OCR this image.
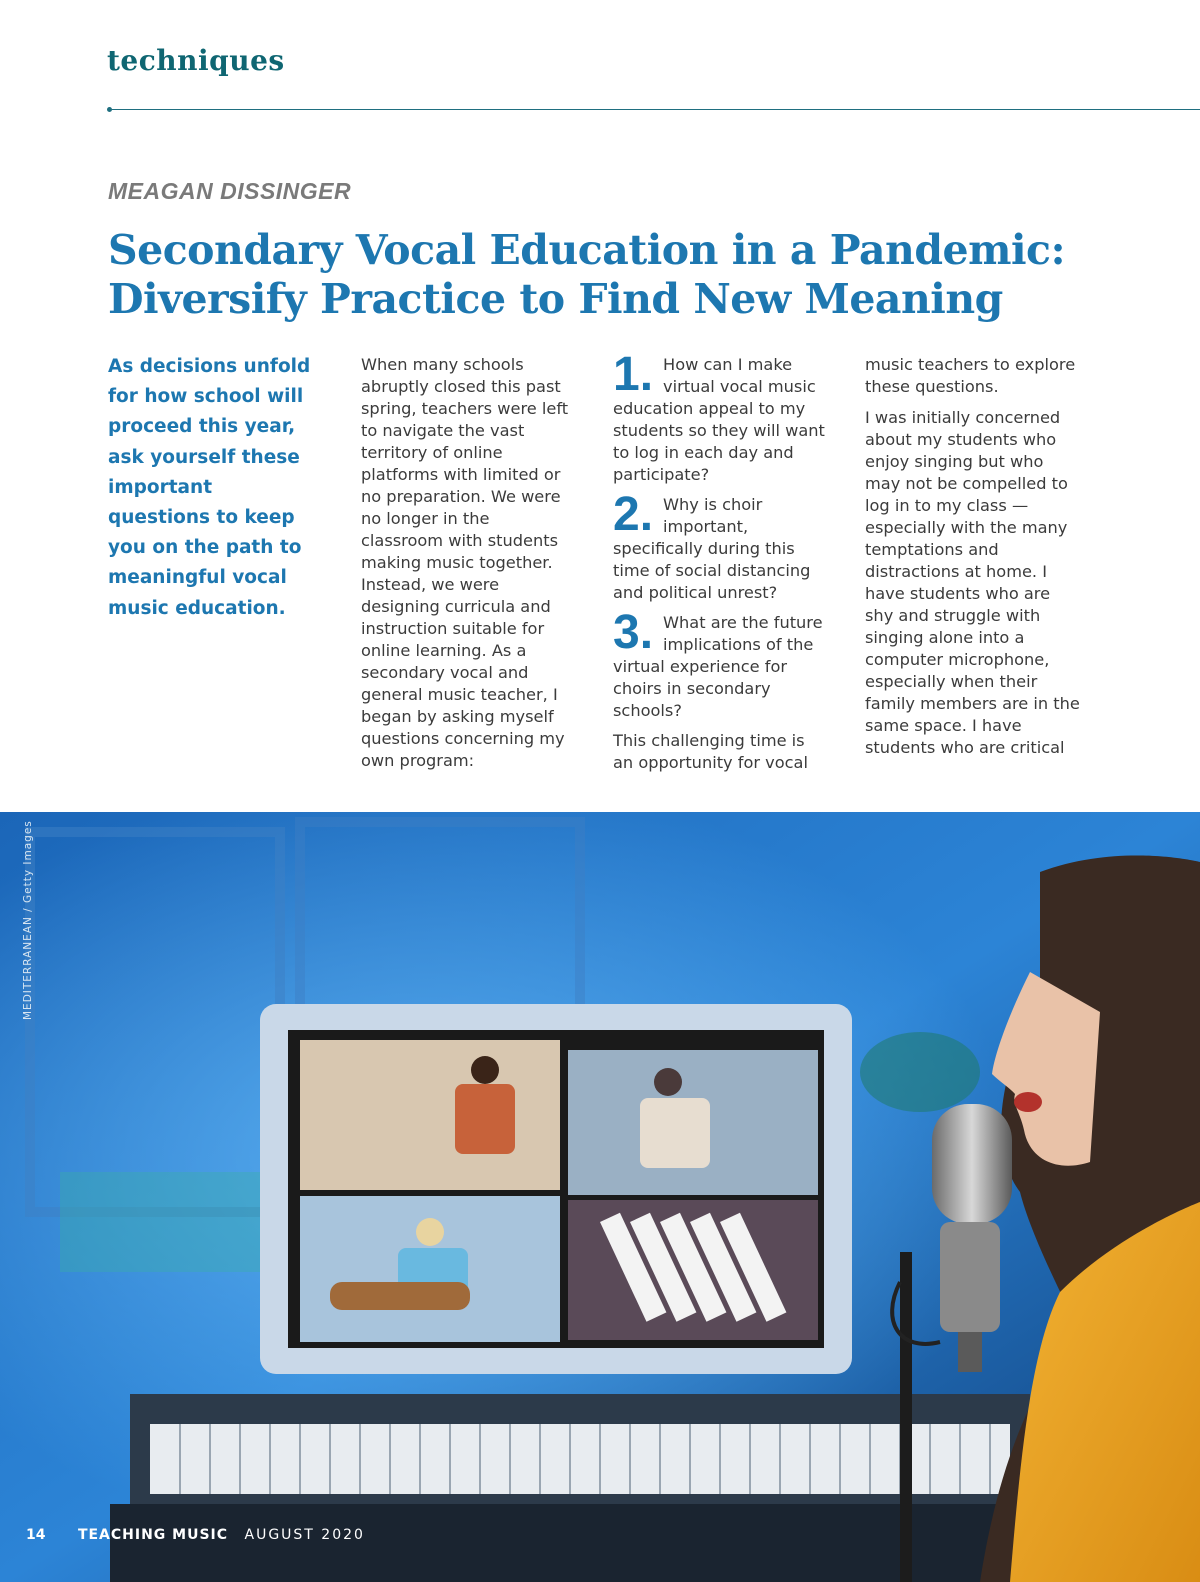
techniques
MEAGAN DISSINGER
Secondary Vocal Education in a Pandemic:
Diversify Practice to Find New Meaning
As decisions unfold for how school will proceed this year, ask yourself these important questions to keep you on the path to meaningful vocal music education.

When many schools abruptly closed this past spring, teachers were left to navigate the vast territory of online platforms with limited or no preparation. We were no longer in the classroom with students making music together. Instead, we were designing curricula and instruction suitable for online learning. As a secondary vocal and general music teacher, I began by asking myself questions concerning my own program:

1. How can I make virtual vocal music education appeal to my students so they will want to log in each day and participate?
2. Why is choir important, specifically during this time of social distancing and political unrest?
3. What are the future implications of the virtual experience for choirs in secondary schools?

This challenging time is an opportunity for vocal

music teachers to explore these questions.

I was initially concerned about my students who enjoy singing but who may not be compelled to log in to my class — especially with the many temptations and distractions at home. I have students who are shy and struggle with singing alone into a computer microphone, especially when their family members are in the same space. I have students who are critical

MEDITERRANEAN / Getty Images
14 TEACHING MUSIC AUGUST 2020
